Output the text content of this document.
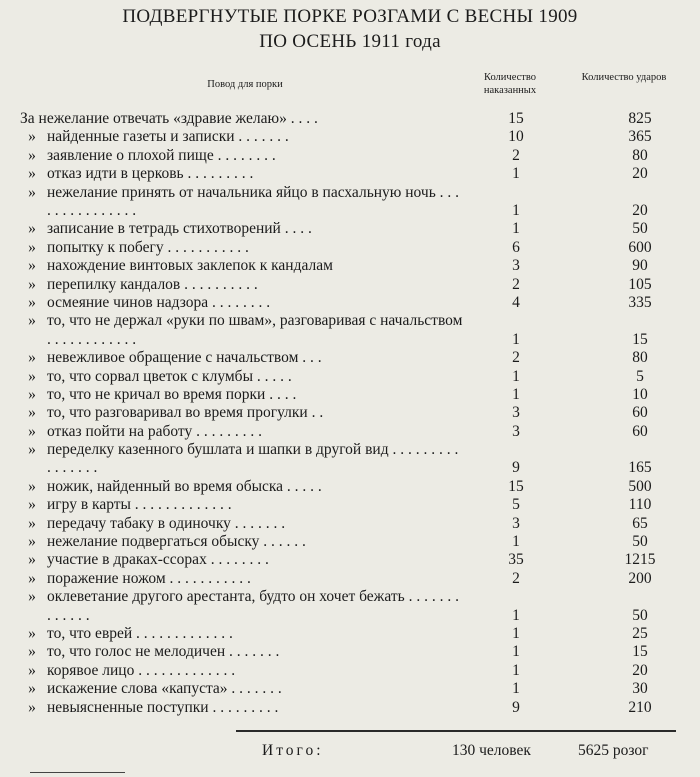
ПОДВЕРГНУТЫЕ ПОРКЕ РОЗГАМИ С ВЕСНЫ 1909
ПО ОСЕНЬ 1911 года
Повод для порки
Количество наказанных
Количество ударов
За нежелание отвечать «здравие желаю» . . . .	15	825
» найденные газеты и записки . . . . . . .	10	365
» заявление о плохой пище . . . . . . . .	2	80
» отказ идти в церковь . . . . . . . . .	1	20
» нежелание принять от начальника яйцо в пасхальную ночь . . . . . . . . . . . . . . .	1	20
» записание в тетрадь стихотворений . . . .	1	50
» попытку к побегу . . . . . . . . . . .	6	600
» нахождение винтовых заклепок к кандалам	3	90
» перепилку кандалов . . . . . . . . . .	2	105
» осмеяние чинов надзора . . . . . . . .	4	335
» то, что не держал «руки по швам», разговаривая с начальством . . . . . . . . . . . .	1	15
» невежливое обращение с начальством . . .	2	80
» то, что сорвал цветок с клумбы . . . . .	1	5
» то, что не кричал во время порки . . . .	1	10
» то, что разговаривал во время прогулки . .	3	60
» отказ пойти на работу . . . . . . . . .	3	60
» переделку казенного бушлата и шапки в другой вид . . . . . . . . . . . . . . . .	9	165
» ножик, найденный во время обыска . . . . .	15	500
» игру в карты . . . . . . . . . . . . .	5	110
» передачу табаку в одиночку . . . . . . .	3	65
» нежелание подвергаться обыску . . . . . .	1	50
» участие в драках-ссорах . . . . . . . .	35	1215
» поражение ножом . . . . . . . . . . .	2	200
» оклеветание другого арестанта, будто он хочет бежать . . . . . . . . . . . . .	1	50
» то, что еврей . . . . . . . . . . . . .	1	25
» то, что голос не мелодичен . . . . . . .	1	15
» корявое лицо . . . . . . . . . . . . .	1	20
» искажение слова «капуста» . . . . . . .	1	30
» невыясненные поступки . . . . . . . . .	9	210
Итого:	130 человек	5625 розог
